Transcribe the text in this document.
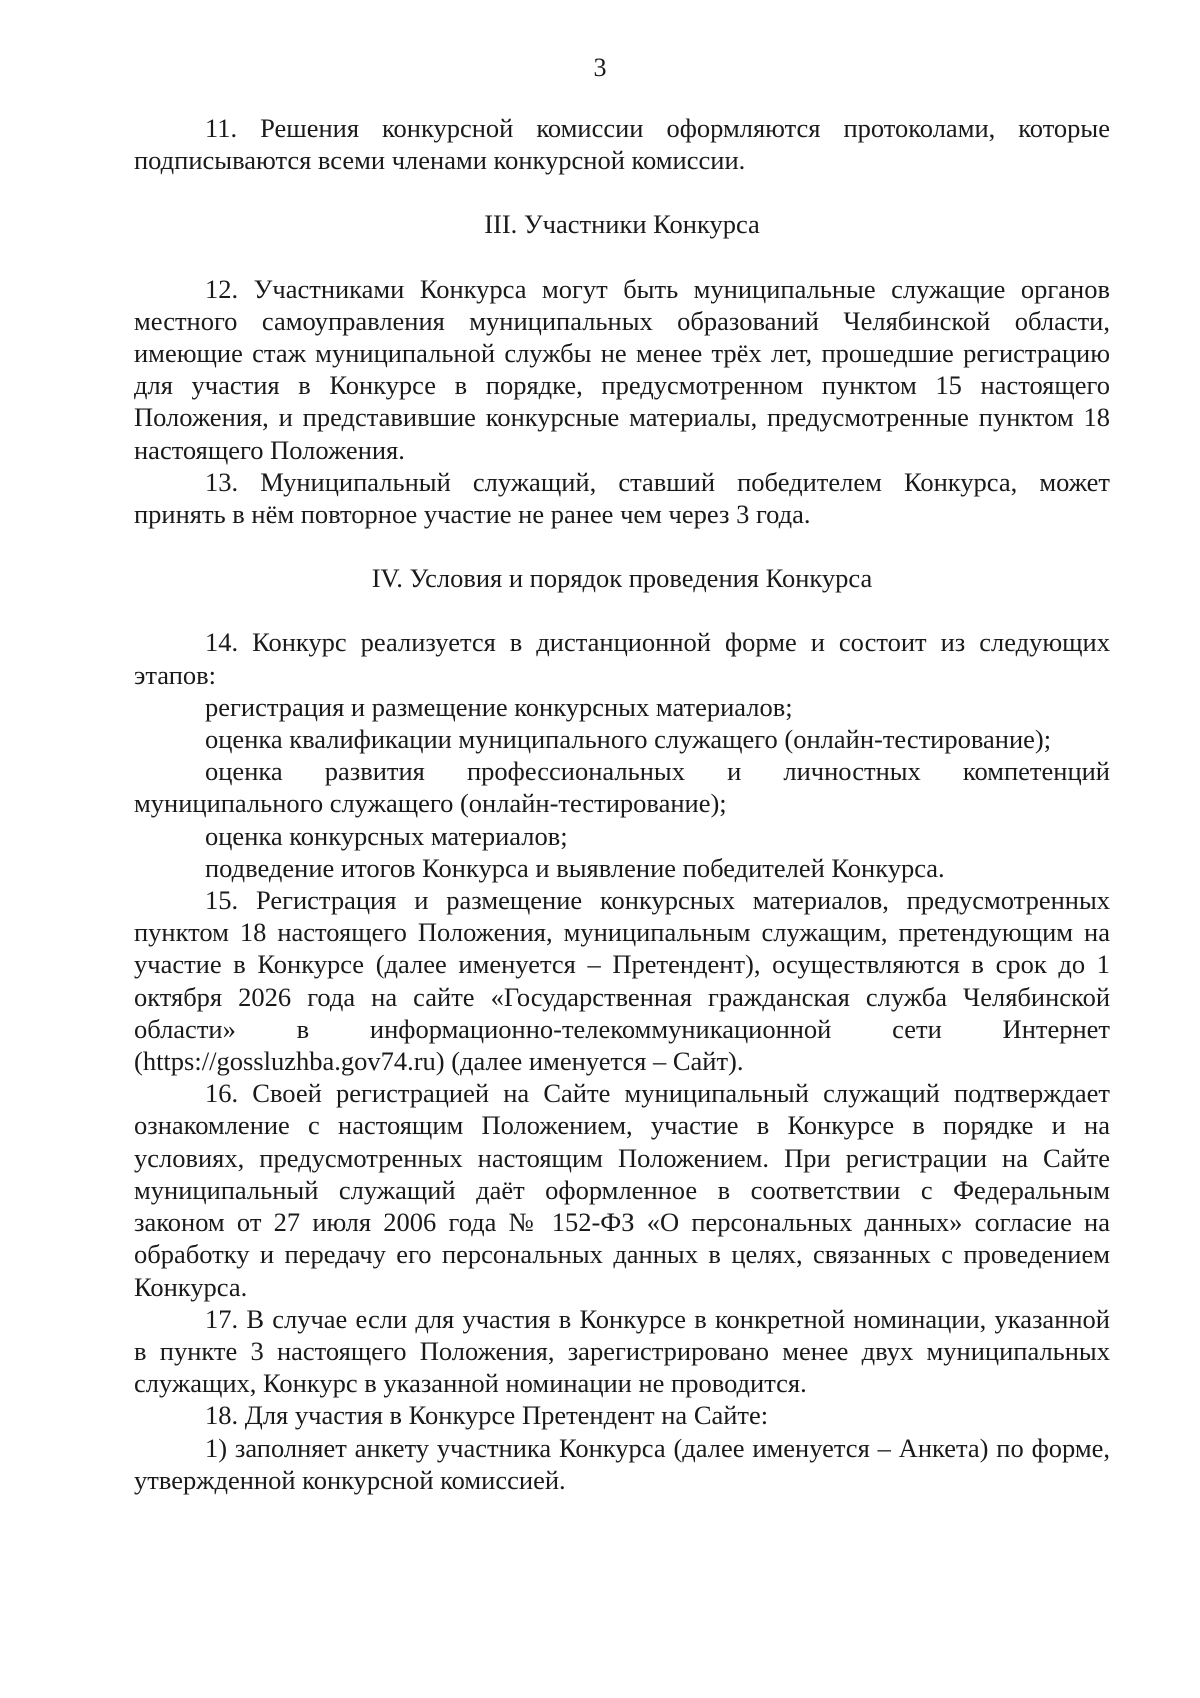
3

11. Решения конкурсной комиссии оформляются протоколами, которые подписываются всеми членами конкурсной комиссии.

III. Участники Конкурса

12. Участниками Конкурса могут быть муниципальные служащие органов местного самоуправления муниципальных образований Челябинской области, имеющие стаж муниципальной службы не менее трёх лет, прошедшие регистрацию для участия в Конкурсе в порядке, предусмотренном пунктом 15 настоящего Положения, и представившие конкурсные материалы, предусмотренные пунктом 18 настоящего Положения.

13. Муниципальный служащий, ставший победителем Конкурса, может принять в нём повторное участие не ранее чем через 3 года.

IV. Условия и порядок проведения Конкурса

14. Конкурс реализуется в дистанционной форме и состоит из следующих этапов:

регистрация и размещение конкурсных материалов;

оценка квалификации муниципального служащего (онлайн-тестирование);

оценка развития профессиональных и личностных компетенций муниципального служащего (онлайн-тестирование);

оценка конкурсных материалов;

подведение итогов Конкурса и выявление победителей Конкурса.

15. Регистрация и размещение конкурсных материалов, предусмотренных пунктом 18 настоящего Положения, муниципальным служащим, претендующим на участие в Конкурсе (далее именуется – Претендент), осуществляются в срок до 1 октября 2026 года на сайте «Государственная гражданская служба Челябинской области» в информационно-телекоммуникационной сети Интернет (https://gossluzhba.gov74.ru) (далее именуется – Сайт).

16. Своей регистрацией на Сайте муниципальный служащий подтверждает ознакомление с настоящим Положением, участие в Конкурсе в порядке и на условиях, предусмотренных настоящим Положением. При регистрации на Сайте муниципальный служащий даёт оформленное в соответствии с Федеральным законом от 27 июля 2006 года № 152-ФЗ «О персональных данных» согласие на обработку и передачу его персональных данных в целях, связанных с проведением Конкурса.

17. В случае если для участия в Конкурсе в конкретной номинации, указанной в пункте 3 настоящего Положения, зарегистрировано менее двух муниципальных служащих, Конкурс в указанной номинации не проводится.

18. Для участия в Конкурсе Претендент на Сайте:

1) заполняет анкету участника Конкурса (далее именуется – Анкета) по форме, утвержденной конкурсной комиссией.
